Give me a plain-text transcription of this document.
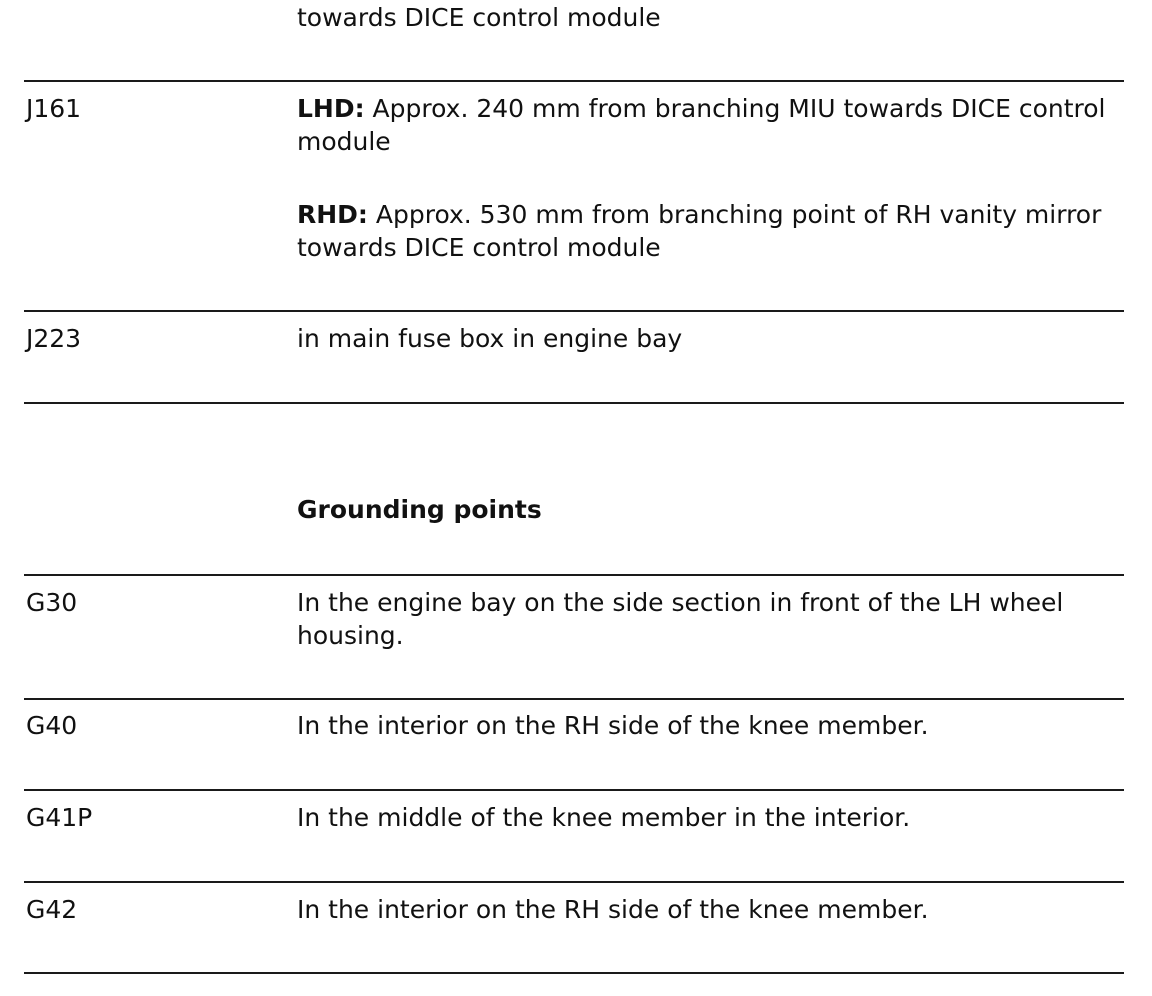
towards DICE control module
J161	LHD: Approx. 240 mm from branching MIU towards DICE control module
RHD: Approx. 530 mm from branching point of RH vanity mirror towards DICE control module
J223	in main fuse box in engine bay
Grounding points
G30	In the engine bay on the side section in front of the LH wheel housing.
G40	In the interior on the RH side of the knee member.
G41P	In the middle of the knee member in the interior.
G42	In the interior on the RH side of the knee member.
